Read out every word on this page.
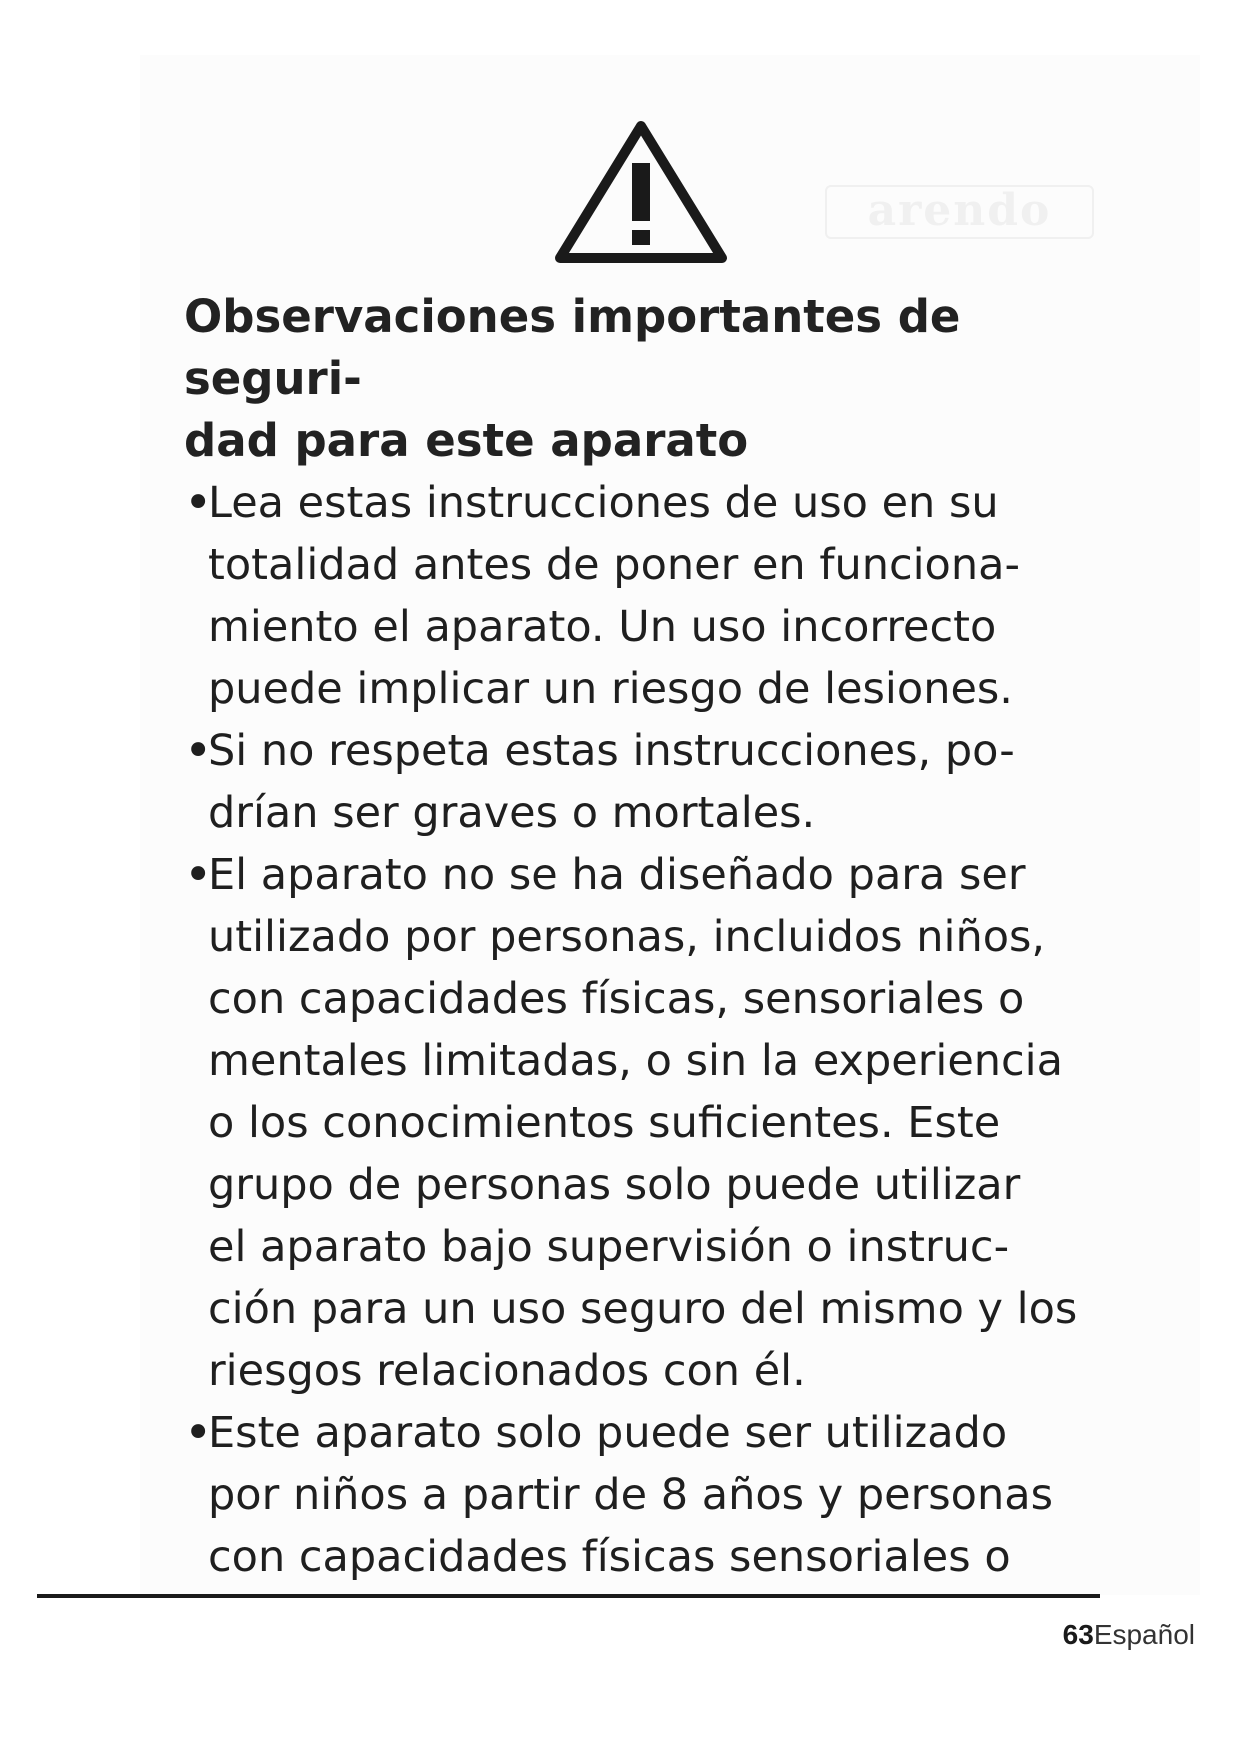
arendo
Observaciones importantes de seguri-
dad para este aparato
•
Lea estas instrucciones de uso en su
totalidad antes de poner en funciona-
miento el aparato. Un uso incorrecto
puede implicar un riesgo de lesiones.
•
Si no respeta estas instrucciones, po-
drían ser graves o mortales.
•
El aparato no se ha diseñado para ser
utilizado por personas, incluidos niños,
con capacidades físicas, sensoriales o
mentales limitadas, o sin la experiencia
o los conocimientos suficientes. Este
grupo de personas solo puede utilizar
el aparato bajo supervisión o instruc-
ción para un uso seguro del mismo y los
riesgos relacionados con él.
•
Este aparato solo puede ser utilizado
por niños a partir de 8 años y personas
con capacidades físicas sensoriales o
63Español
